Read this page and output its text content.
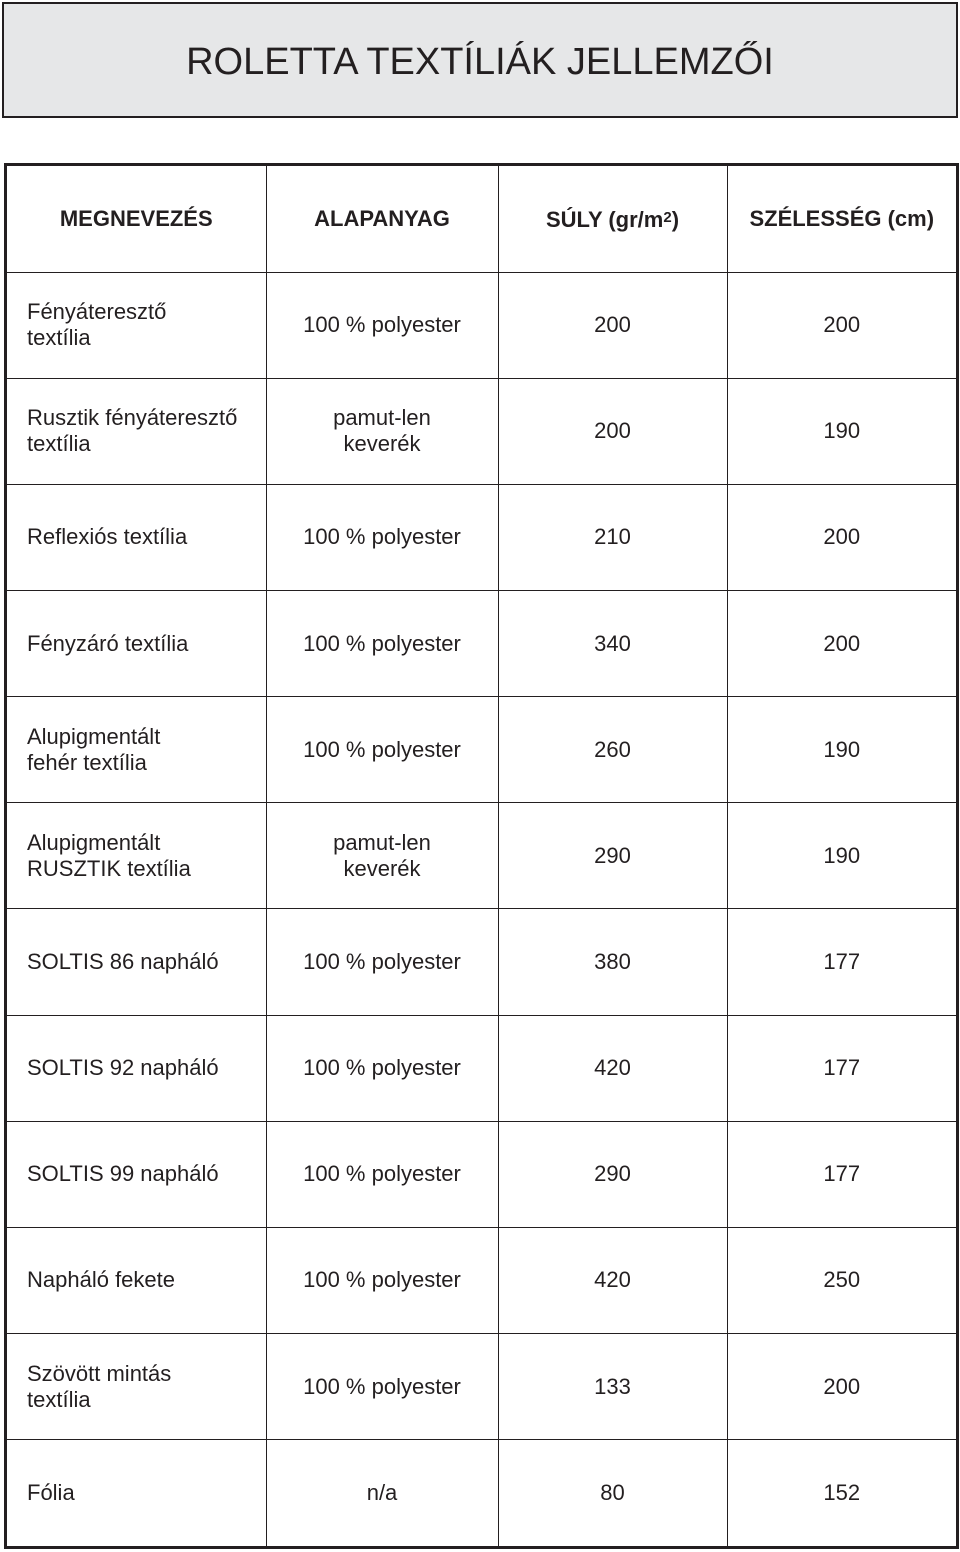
ROLETTA TEXTÍLIÁK JELLEMZŐI
MEGNEVEZÉS	ALAPANYAG	SÚLY $(gr/m^2)$	SZÉLESSÉG (cm)

Fényáteresztő
textília	100 % polyester	200	200

Rusztik fényáteresztő
textília	pamut-len
keverék	200	190

Reflexiós textília	100 % polyester	210	200

Fényzáró textília	100 % polyester	340	200

Alupigmentált
fehér textília	100 % polyester	260	190

Alupigmentált
RUSZTIK textília	pamut-len
keverék	290	190

SOLTIS 86 napháló	100 % polyester	380	177

SOLTIS 92 napháló	100 % polyester	420	177

SOLTIS 99 napháló	100 % polyester	290	177

Napháló fekete	100 % polyester	420	250

Szövött mintás
textília	100 % polyester	133	200

Fólia	n/a	80	152
